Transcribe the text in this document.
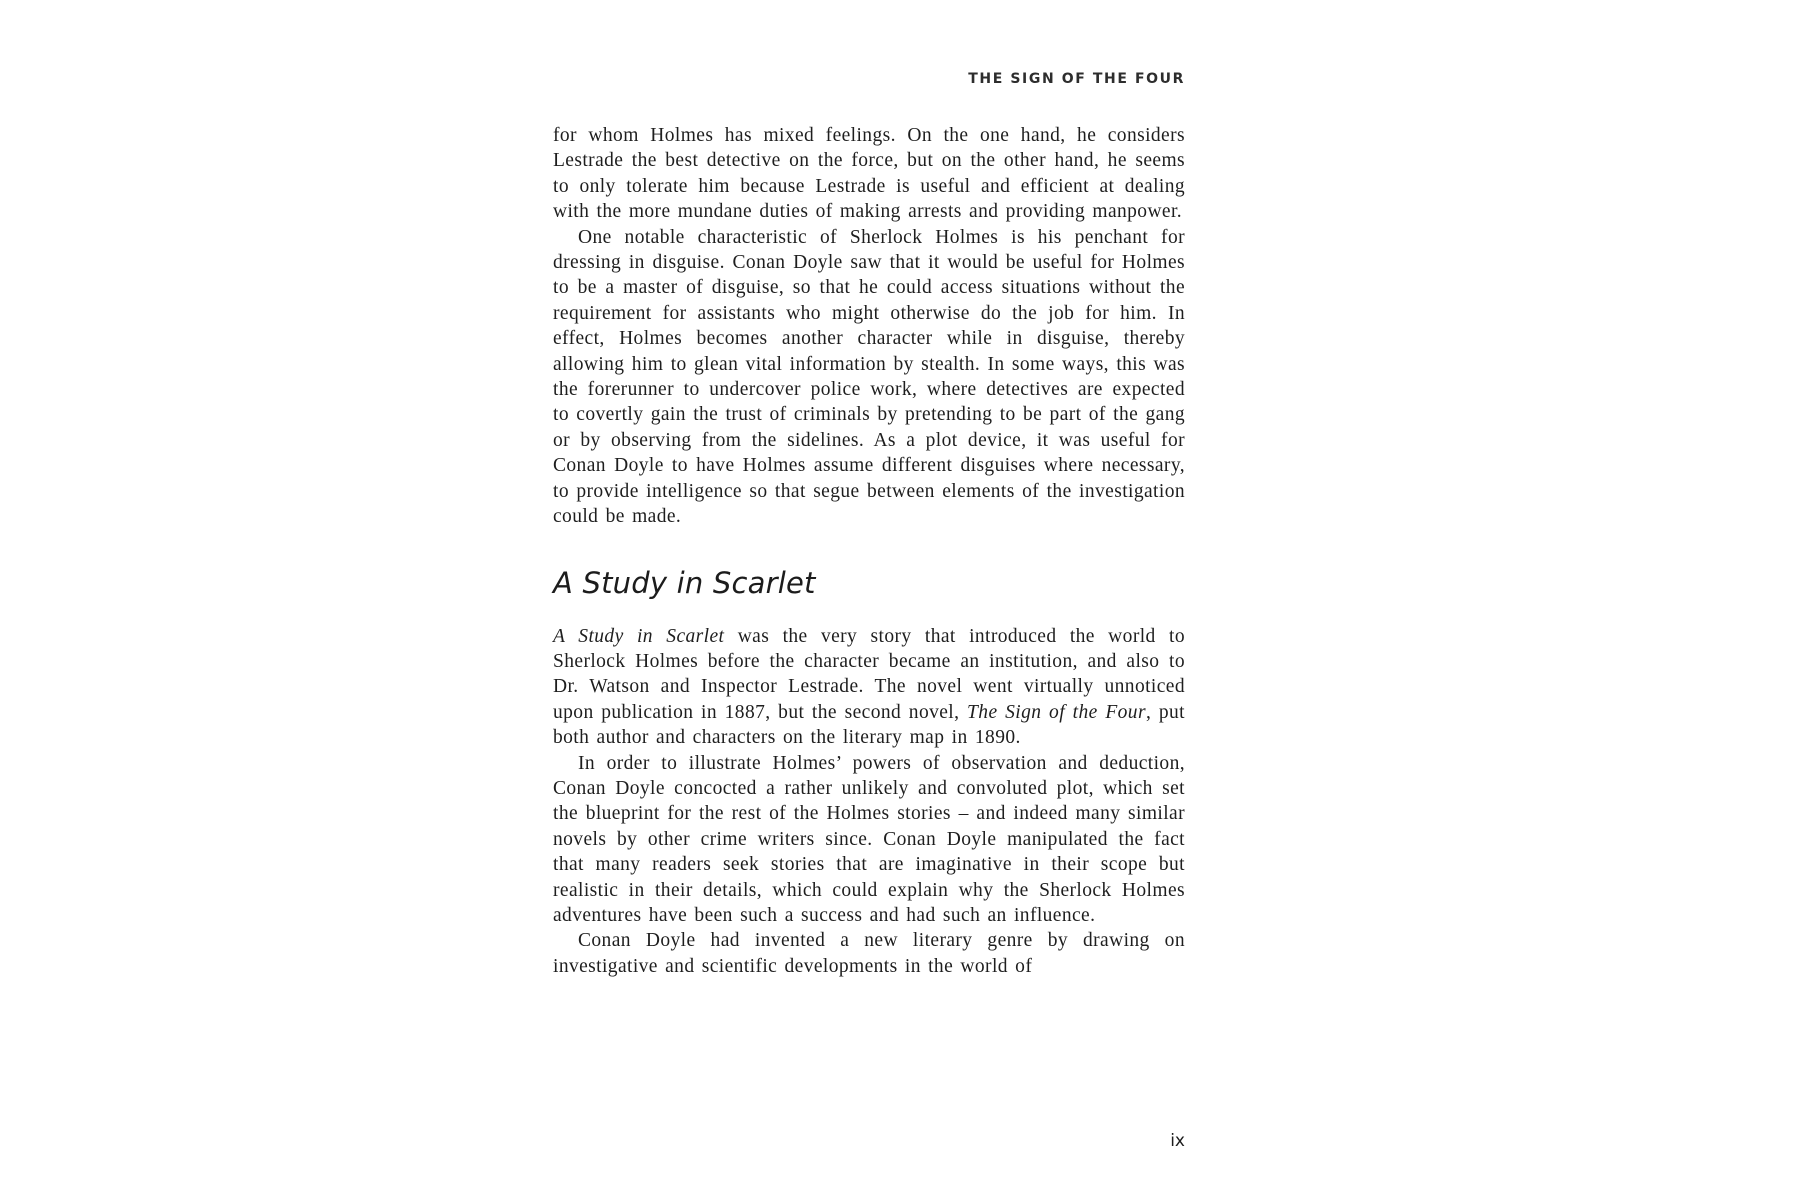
THE SIGN OF THE FOUR

for whom Holmes has mixed feelings. On the one hand, he considers Lestrade the best detective on the force, but on the other hand, he seems to only tolerate him because Lestrade is useful and efficient at dealing with the more mundane duties of making arrests and providing manpower.

One notable characteristic of Sherlock Holmes is his penchant for dressing in disguise. Conan Doyle saw that it would be useful for Holmes to be a master of disguise, so that he could access situations without the requirement for assistants who might otherwise do the job for him. In effect, Holmes becomes another character while in disguise, thereby allowing him to glean vital information by stealth. In some ways, this was the forerunner to undercover police work, where detectives are expected to covertly gain the trust of criminals by pretending to be part of the gang or by observing from the sidelines. As a plot device, it was useful for Conan Doyle to have Holmes assume different disguises where necessary, to provide intelligence so that segue between elements of the investigation could be made.

A Study in Scarlet

A Study in Scarlet was the very story that introduced the world to Sherlock Holmes before the character became an institution, and also to Dr. Watson and Inspector Lestrade. The novel went virtually unnoticed upon publication in 1887, but the second novel, The Sign of the Four, put both author and characters on the literary map in 1890.

In order to illustrate Holmes’ powers of observation and deduction, Conan Doyle concocted a rather unlikely and convoluted plot, which set the blueprint for the rest of the Holmes stories – and indeed many similar novels by other crime writers since. Conan Doyle manipulated the fact that many readers seek stories that are imaginative in their scope but realistic in their details, which could explain why the Sherlock Holmes adventures have been such a success and had such an influence.

Conan Doyle had invented a new literary genre by drawing on investigative and scientific developments in the world of

ix
